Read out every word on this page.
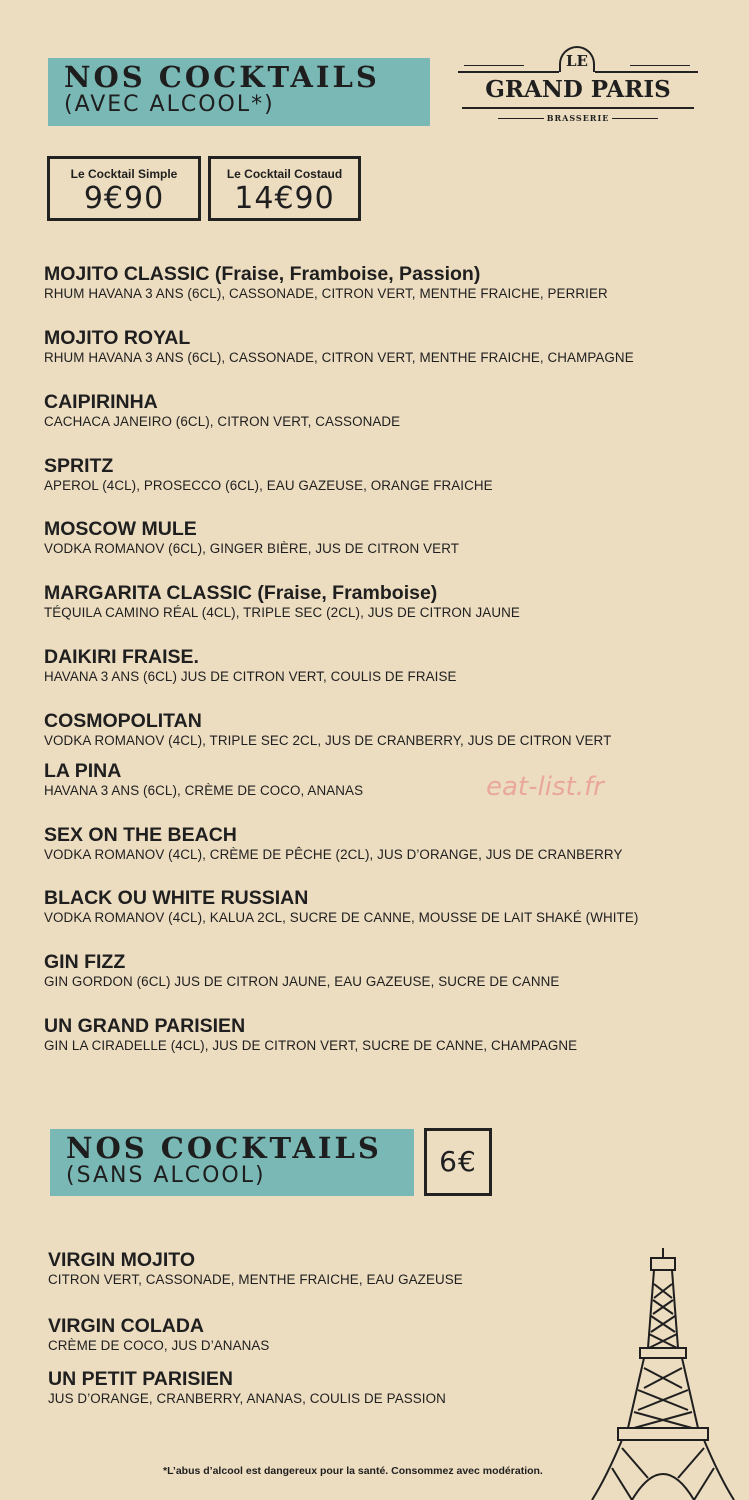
NOS COCKTAILS
(AVEC ALCOOL*)
LE
GRAND PARIS
BRASSERIE
Le Cocktail Simple
9€90
Le Cocktail Costaud
14€90
MOJITO CLASSIC (Fraise, Framboise, Passion)
RHUM HAVANA 3 ANS (6CL), CASSONADE, CITRON VERT, MENTHE FRAICHE, PERRIER
MOJITO ROYAL
RHUM HAVANA 3 ANS (6CL), CASSONADE, CITRON VERT, MENTHE FRAICHE, CHAMPAGNE
CAIPIRINHA
CACHACA JANEIRO (6CL), CITRON VERT, CASSONADE
SPRITZ
APEROL (4CL), PROSECCO (6CL), EAU GAZEUSE, ORANGE FRAICHE
MOSCOW MULE
VODKA ROMANOV (6CL), GINGER BIÈRE, JUS DE CITRON VERT
MARGARITA CLASSIC (Fraise, Framboise)
TÉQUILA CAMINO RÉAL (4CL), TRIPLE SEC (2CL), JUS DE CITRON JAUNE
DAIKIRI FRAISE.
HAVANA 3 ANS (6CL) JUS DE CITRON VERT, COULIS DE FRAISE
COSMOPOLITAN
VODKA ROMANOV (4CL), TRIPLE SEC 2CL, JUS DE CRANBERRY, JUS DE CITRON VERT
LA PINA
HAVANA 3 ANS (6CL), CRÈME DE COCO, ANANAS
SEX ON THE BEACH
VODKA ROMANOV (4CL), CRÈME DE PÊCHE (2CL), JUS D’ORANGE, JUS DE CRANBERRY
BLACK OU WHITE RUSSIAN
VODKA ROMANOV (4CL), KALUA 2CL, SUCRE DE CANNE, MOUSSE DE LAIT SHAKÉ (WHITE)
GIN FIZZ
GIN GORDON (6CL) JUS DE CITRON JAUNE, EAU GAZEUSE, SUCRE DE CANNE
UN GRAND PARISIEN
GIN LA CIRADELLE (4CL), JUS DE CITRON VERT, SUCRE DE CANNE, CHAMPAGNE
eat-list.fr
NOS COCKTAILS
(SANS ALCOOL)	6€
VIRGIN MOJITO
CITRON VERT, CASSONADE, MENTHE FRAICHE, EAU GAZEUSE
VIRGIN COLADA
CRÈME DE COCO, JUS D’ANANAS
UN PETIT PARISIEN
JUS D’ORANGE, CRANBERRY, ANANAS, COULIS DE PASSION
*L’abus d’alcool est dangereux pour la santé. Consommez avec modération.
